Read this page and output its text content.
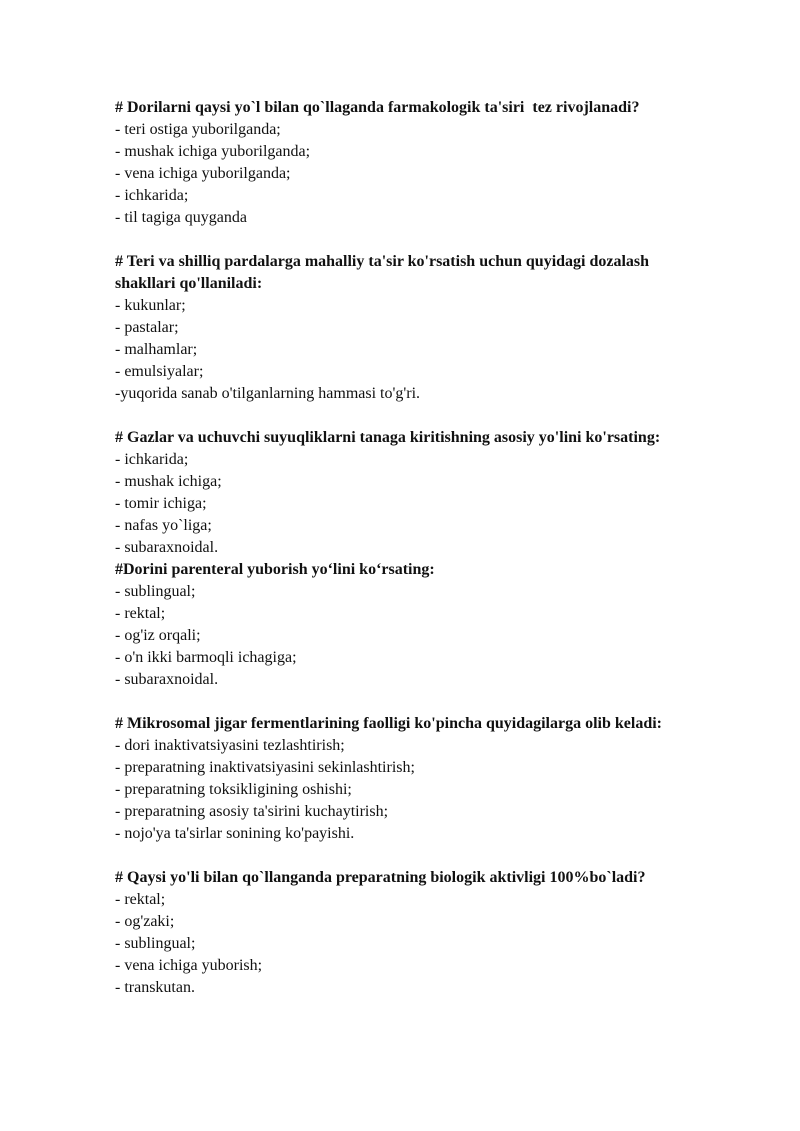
# Dorilarni qaysi yo`l bilan qo`llaganda farmakologik ta'siri  tez rivojlanadi?

- teri ostiga yuborilganda;
- mushak ichiga yuborilganda;
- vena ichiga yuborilganda;
- ichkarida;
- til tagiga quyganda

# Teri va shilliq pardalarga mahalliy ta'sir ko'rsatish uchun quyidagi dozalash shakllari qo'llaniladi:

- kukunlar;
- pastalar;
- malhamlar;
- emulsiyalar;
-yuqorida sanab o'tilganlarning hammasi to'g'ri.

# Gazlar va uchuvchi suyuqliklarni tanaga kiritishning asosiy yo'lini ko'rsating:

- ichkarida;
- mushak ichiga;
- tomir ichiga;
- nafas yo`liga;
- subaraxnoidal.

#Dorini parenteral yuborish yo‘lini ko‘rsating:

- sublingual;
- rektal;
- og'iz orqali;
- o'n ikki barmoqli ichagiga;
- subaraxnoidal.

# Mikrosomal jigar fermentlarining faolligi ko'pincha quyidagilarga olib keladi:

- dori inaktivatsiyasini tezlashtirish;
- preparatning inaktivatsiyasini sekinlashtirish;
- preparatning toksikligining oshishi;
- preparatning asosiy ta'sirini kuchaytirish;
- nojo'ya ta'sirlar sonining ko'payishi.

# Qaysi yo'li bilan qo`llanganda preparatning biologik aktivligi 100%bo`ladi?

- rektal;
- og'zaki;
- sublingual;
- vena ichiga yuborish;
- transkutan.
